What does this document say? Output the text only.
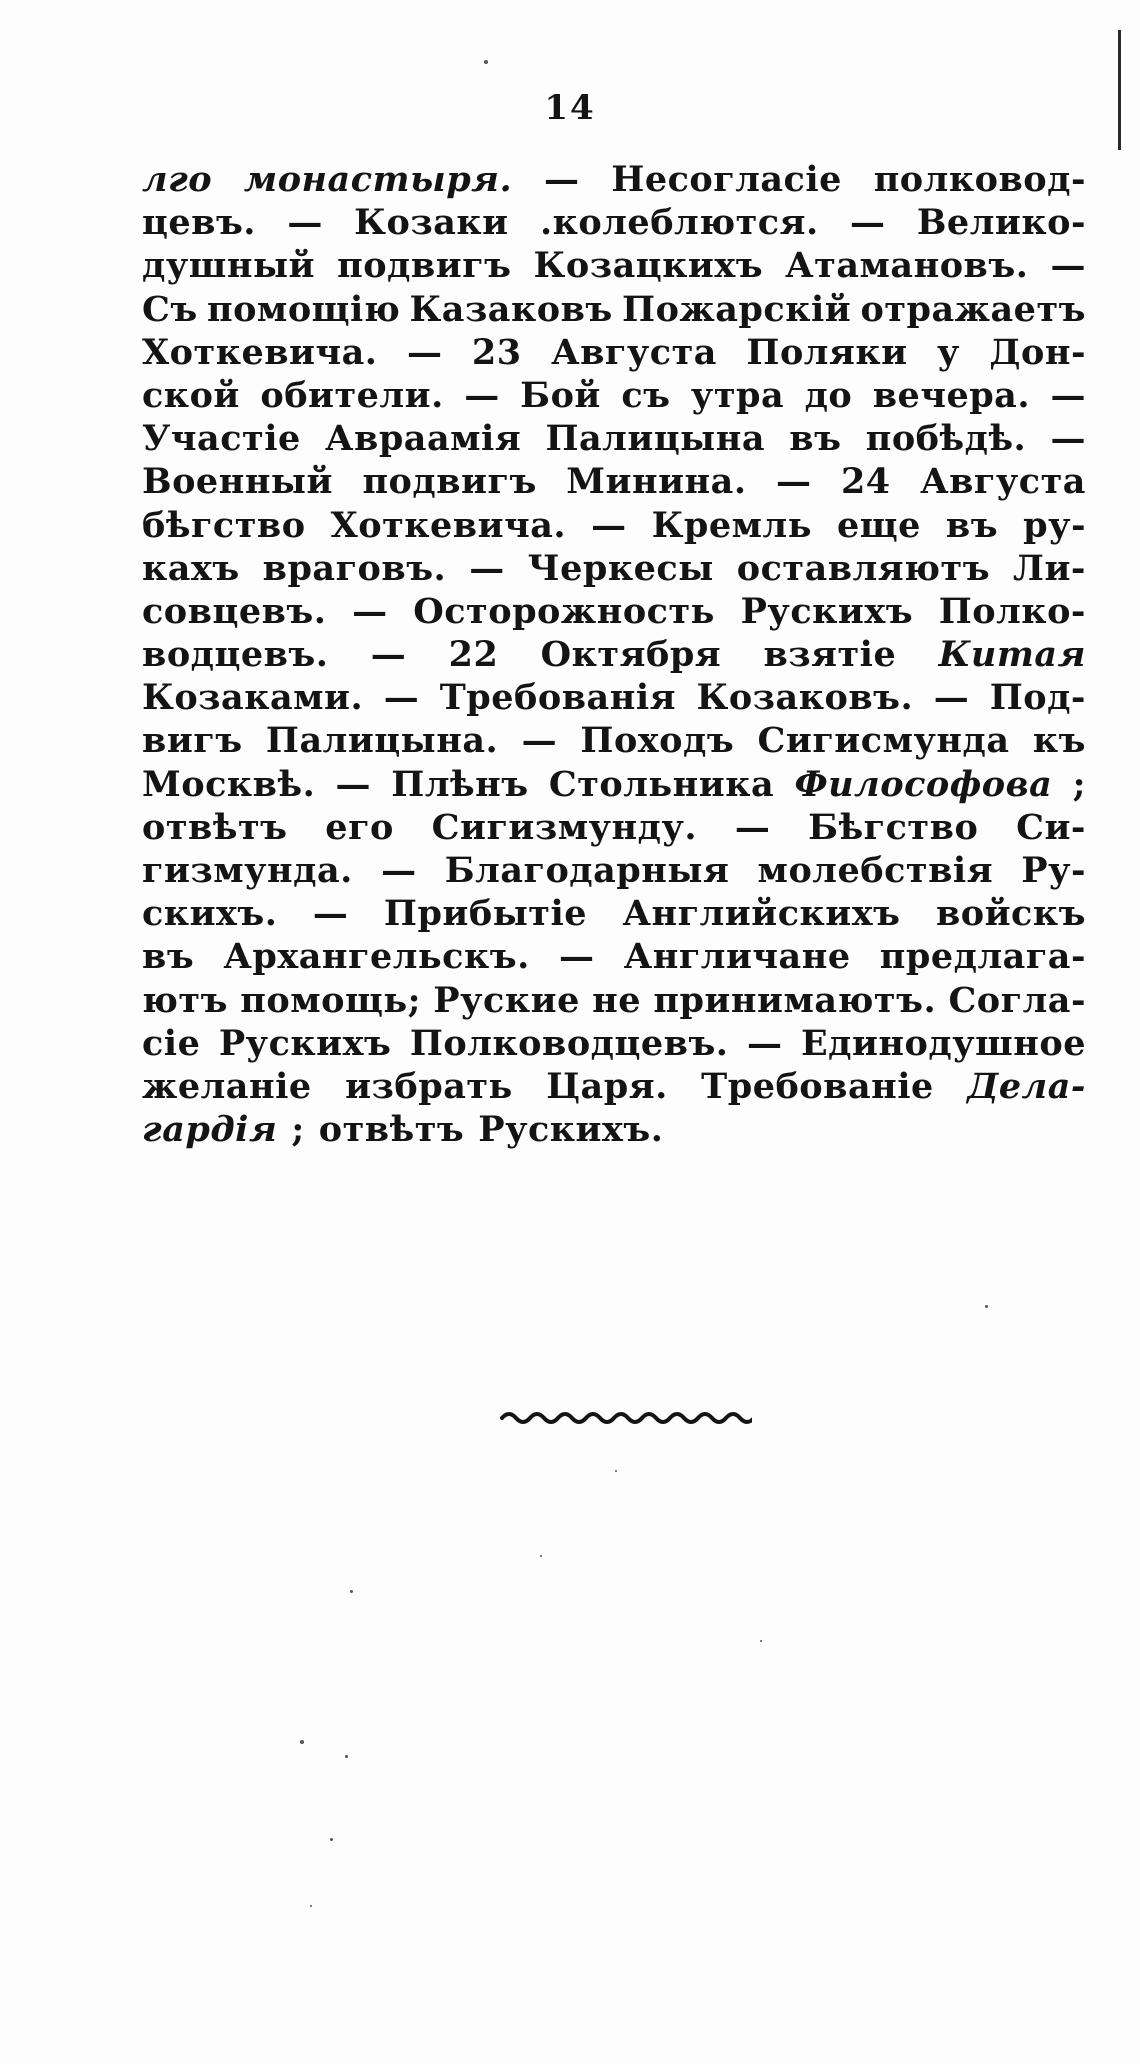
14
лго монастыря. — Несогласіе полковод-
цевъ. — Козаки .колеблются. — Велико-
душный подвигъ Козацкихъ Атамановъ. —
Съ помощію Казаковъ Пожарскій отражаетъ
Хоткевича. — 23 Августа Поляки у Дон-
ской обители. — Бой съ утра до вечера. —
Участіе Авраамія Палицына въ побѣдѣ. —
Военный подвигъ Минина. — 24 Августа
бѣгство Хоткевича. — Кремль еще въ ру-
кахъ враговъ. — Черкесы оставляютъ Ли-
совцевъ. — Осторожность Рускихъ Полко-
водцевъ. — 22 Октября взятіе Китая
Козаками. — Требованія Козаковъ. — Под-
вигъ Палицына. — Походъ Сигисмунда къ
Москвѣ. — Плѣнъ Стольника Философова ;
отвѣтъ его Сигизмунду. — Бѣгство Си-
гизмунда. — Благодарныя молебствія Ру-
скихъ. — Прибытіе Английскихъ войскъ
въ Архангельскъ. — Англичане предлага-
ютъ помощь; Руские не принимаютъ. Согла-
сіе Рускихъ Полководцевъ. — Единодушное
желаніе избрать Царя. Требованіе Дела-
гардія ; отвѣтъ Рускихъ.
